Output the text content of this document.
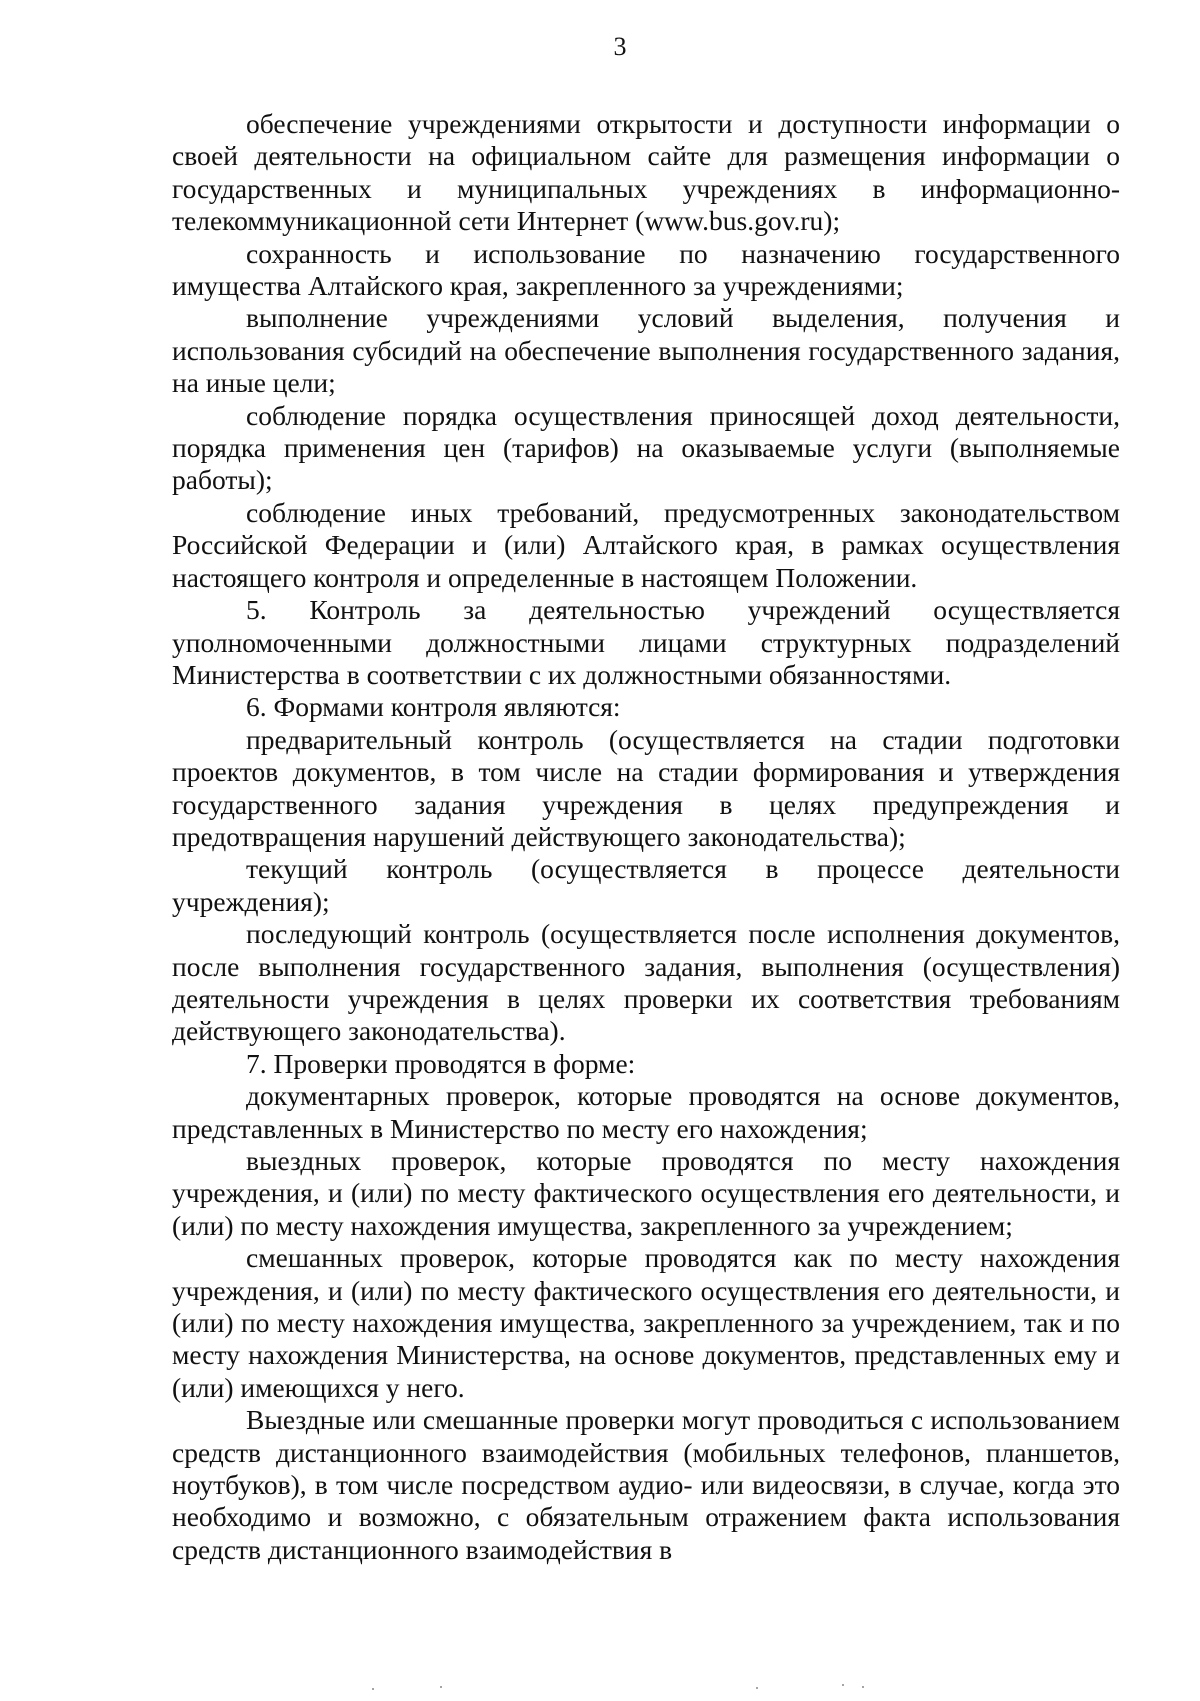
3

обеспечение учреждениями открытости и доступности информации о своей деятельности на официальном сайте для размещения информации о государственных и муниципальных учреждениях в информационно-телекоммуникационной сети Интернет (www.bus.gov.ru);

сохранность и использование по назначению государственного имущества Алтайского края, закрепленного за учреждениями;

выполнение учреждениями условий выделения, получения и использования субсидий на обеспечение выполнения государственного задания, на иные цели;

соблюдение порядка осуществления приносящей доход деятельности, порядка применения цен (тарифов) на оказываемые услуги (выполняемые работы);

соблюдение иных требований, предусмотренных законодательством Российской Федерации и (или) Алтайского края, в рамках осуществления настоящего контроля и определенные в настоящем Положении.

5. Контроль за деятельностью учреждений осуществляется уполномоченными должностными лицами структурных подразделений Министерства в соответствии с их должностными обязанностями.

6. Формами контроля являются:

предварительный контроль (осуществляется на стадии подготовки проектов документов, в том числе на стадии формирования и утверждения государственного задания учреждения в целях предупреждения и предотвращения нарушений действующего законодательства);

текущий контроль (осуществляется в процессе деятельности учреждения);

последующий контроль (осуществляется после исполнения документов, после выполнения государственного задания, выполнения (осуществления) деятельности учреждения в целях проверки их соответствия требованиям действующего законодательства).

7. Проверки проводятся в форме:

документарных проверок, которые проводятся на основе документов, представленных в Министерство по месту его нахождения;

выездных проверок, которые проводятся по месту нахождения учреждения, и (или) по месту фактического осуществления его деятельности, и (или) по месту нахождения имущества, закрепленного за учреждением;

смешанных проверок, которые проводятся как по месту нахождения учреждения, и (или) по месту фактического осуществления его деятельности, и (или) по месту нахождения имущества, закрепленного за учреждением, так и по месту нахождения Министерства, на основе документов, представленных ему и (или) имеющихся у него.

Выездные или смешанные проверки могут проводиться с использованием средств дистанционного взаимодействия (мобильных телефонов, планшетов, ноутбуков), в том числе посредством аудио- или видеосвязи, в случае, когда это необходимо и возможно, с обязательным отражением факта использования средств дистанционного взаимодействия в
